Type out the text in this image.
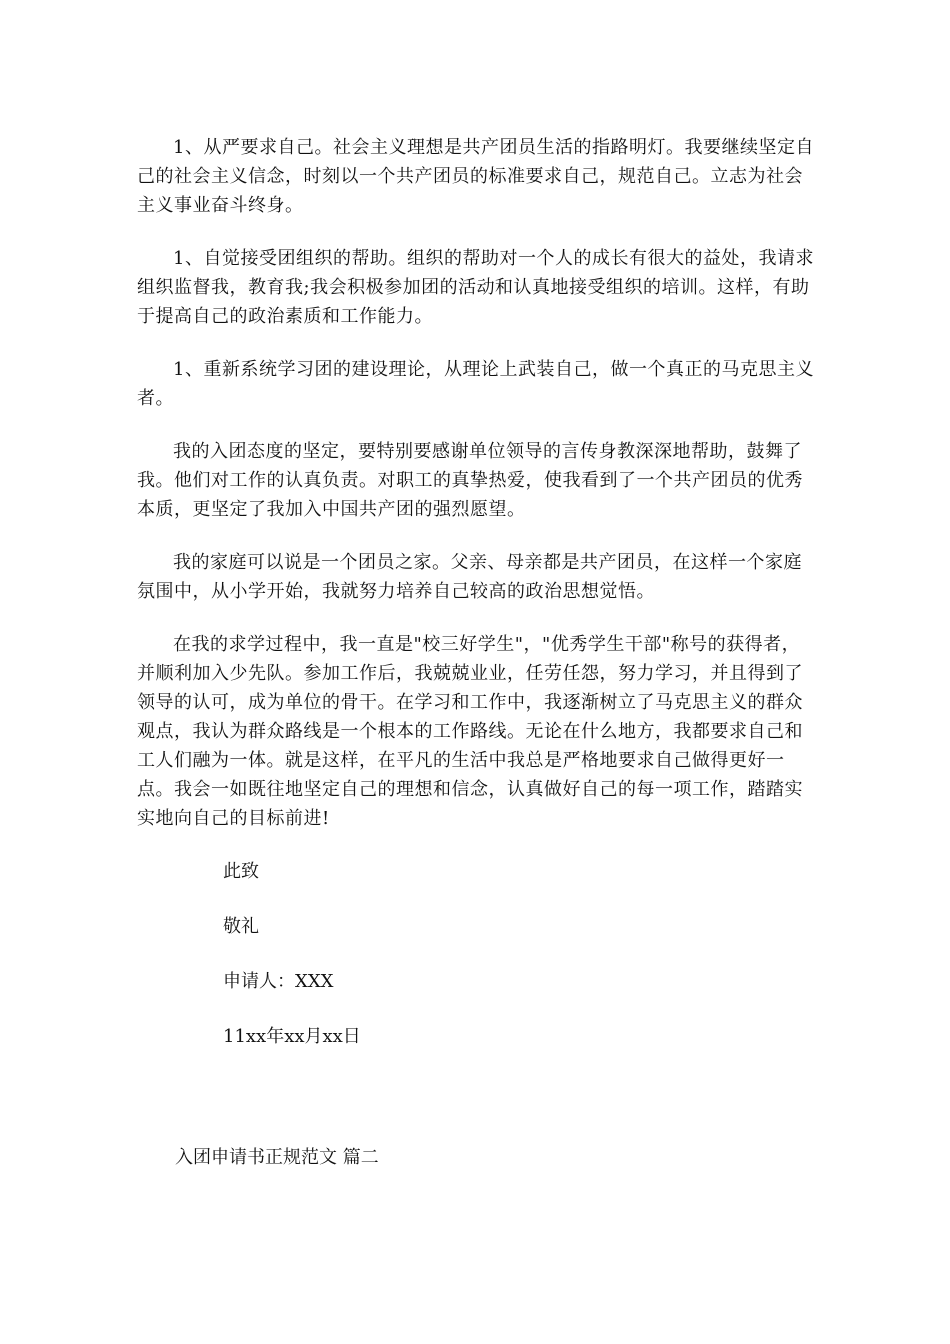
1、从严要求自己。社会主义理想是共产团员生活的指路明灯。我要继续坚定自己的社会主义信念，时刻以一个共产团员的标准要求自己，规范自己。立志为社会主义事业奋斗终身。

1、自觉接受团组织的帮助。组织的帮助对一个人的成长有很大的益处，我请求组织监督我，教育我;我会积极参加团的活动和认真地接受组织的培训。这样，有助于提高自己的政治素质和工作能力。

1、重新系统学习团的建设理论，从理论上武装自己，做一个真正的马克思主义者。

我的入团态度的坚定，要特别要感谢单位领导的言传身教深深地帮助，鼓舞了我。他们对工作的认真负责。对职工的真挚热爱，使我看到了一个共产团员的优秀本质，更坚定了我加入中国共产团的强烈愿望。

我的家庭可以说是一个团员之家。父亲、母亲都是共产团员，在这样一个家庭氛围中，从小学开始，我就努力培养自己较高的政治思想觉悟。

在我的求学过程中，我一直是"校三好学生"，"优秀学生干部"称号的获得者，并顺利加入少先队。参加工作后，我兢兢业业，任劳任怨，努力学习，并且得到了领导的认可，成为单位的骨干。在学习和工作中，我逐渐树立了马克思主义的群众观点，我认为群众路线是一个根本的工作路线。无论在什么地方，我都要求自己和工人们融为一体。就是这样，在平凡的生活中我总是严格地要求自己做得更好一点。我会一如既往地坚定自己的理想和信念，认真做好自己的每一项工作，踏踏实实地向自己的目标前进!

此致

敬礼

申请人：XXX

11xx年xx月xx日

入团申请书正规范文 篇二
